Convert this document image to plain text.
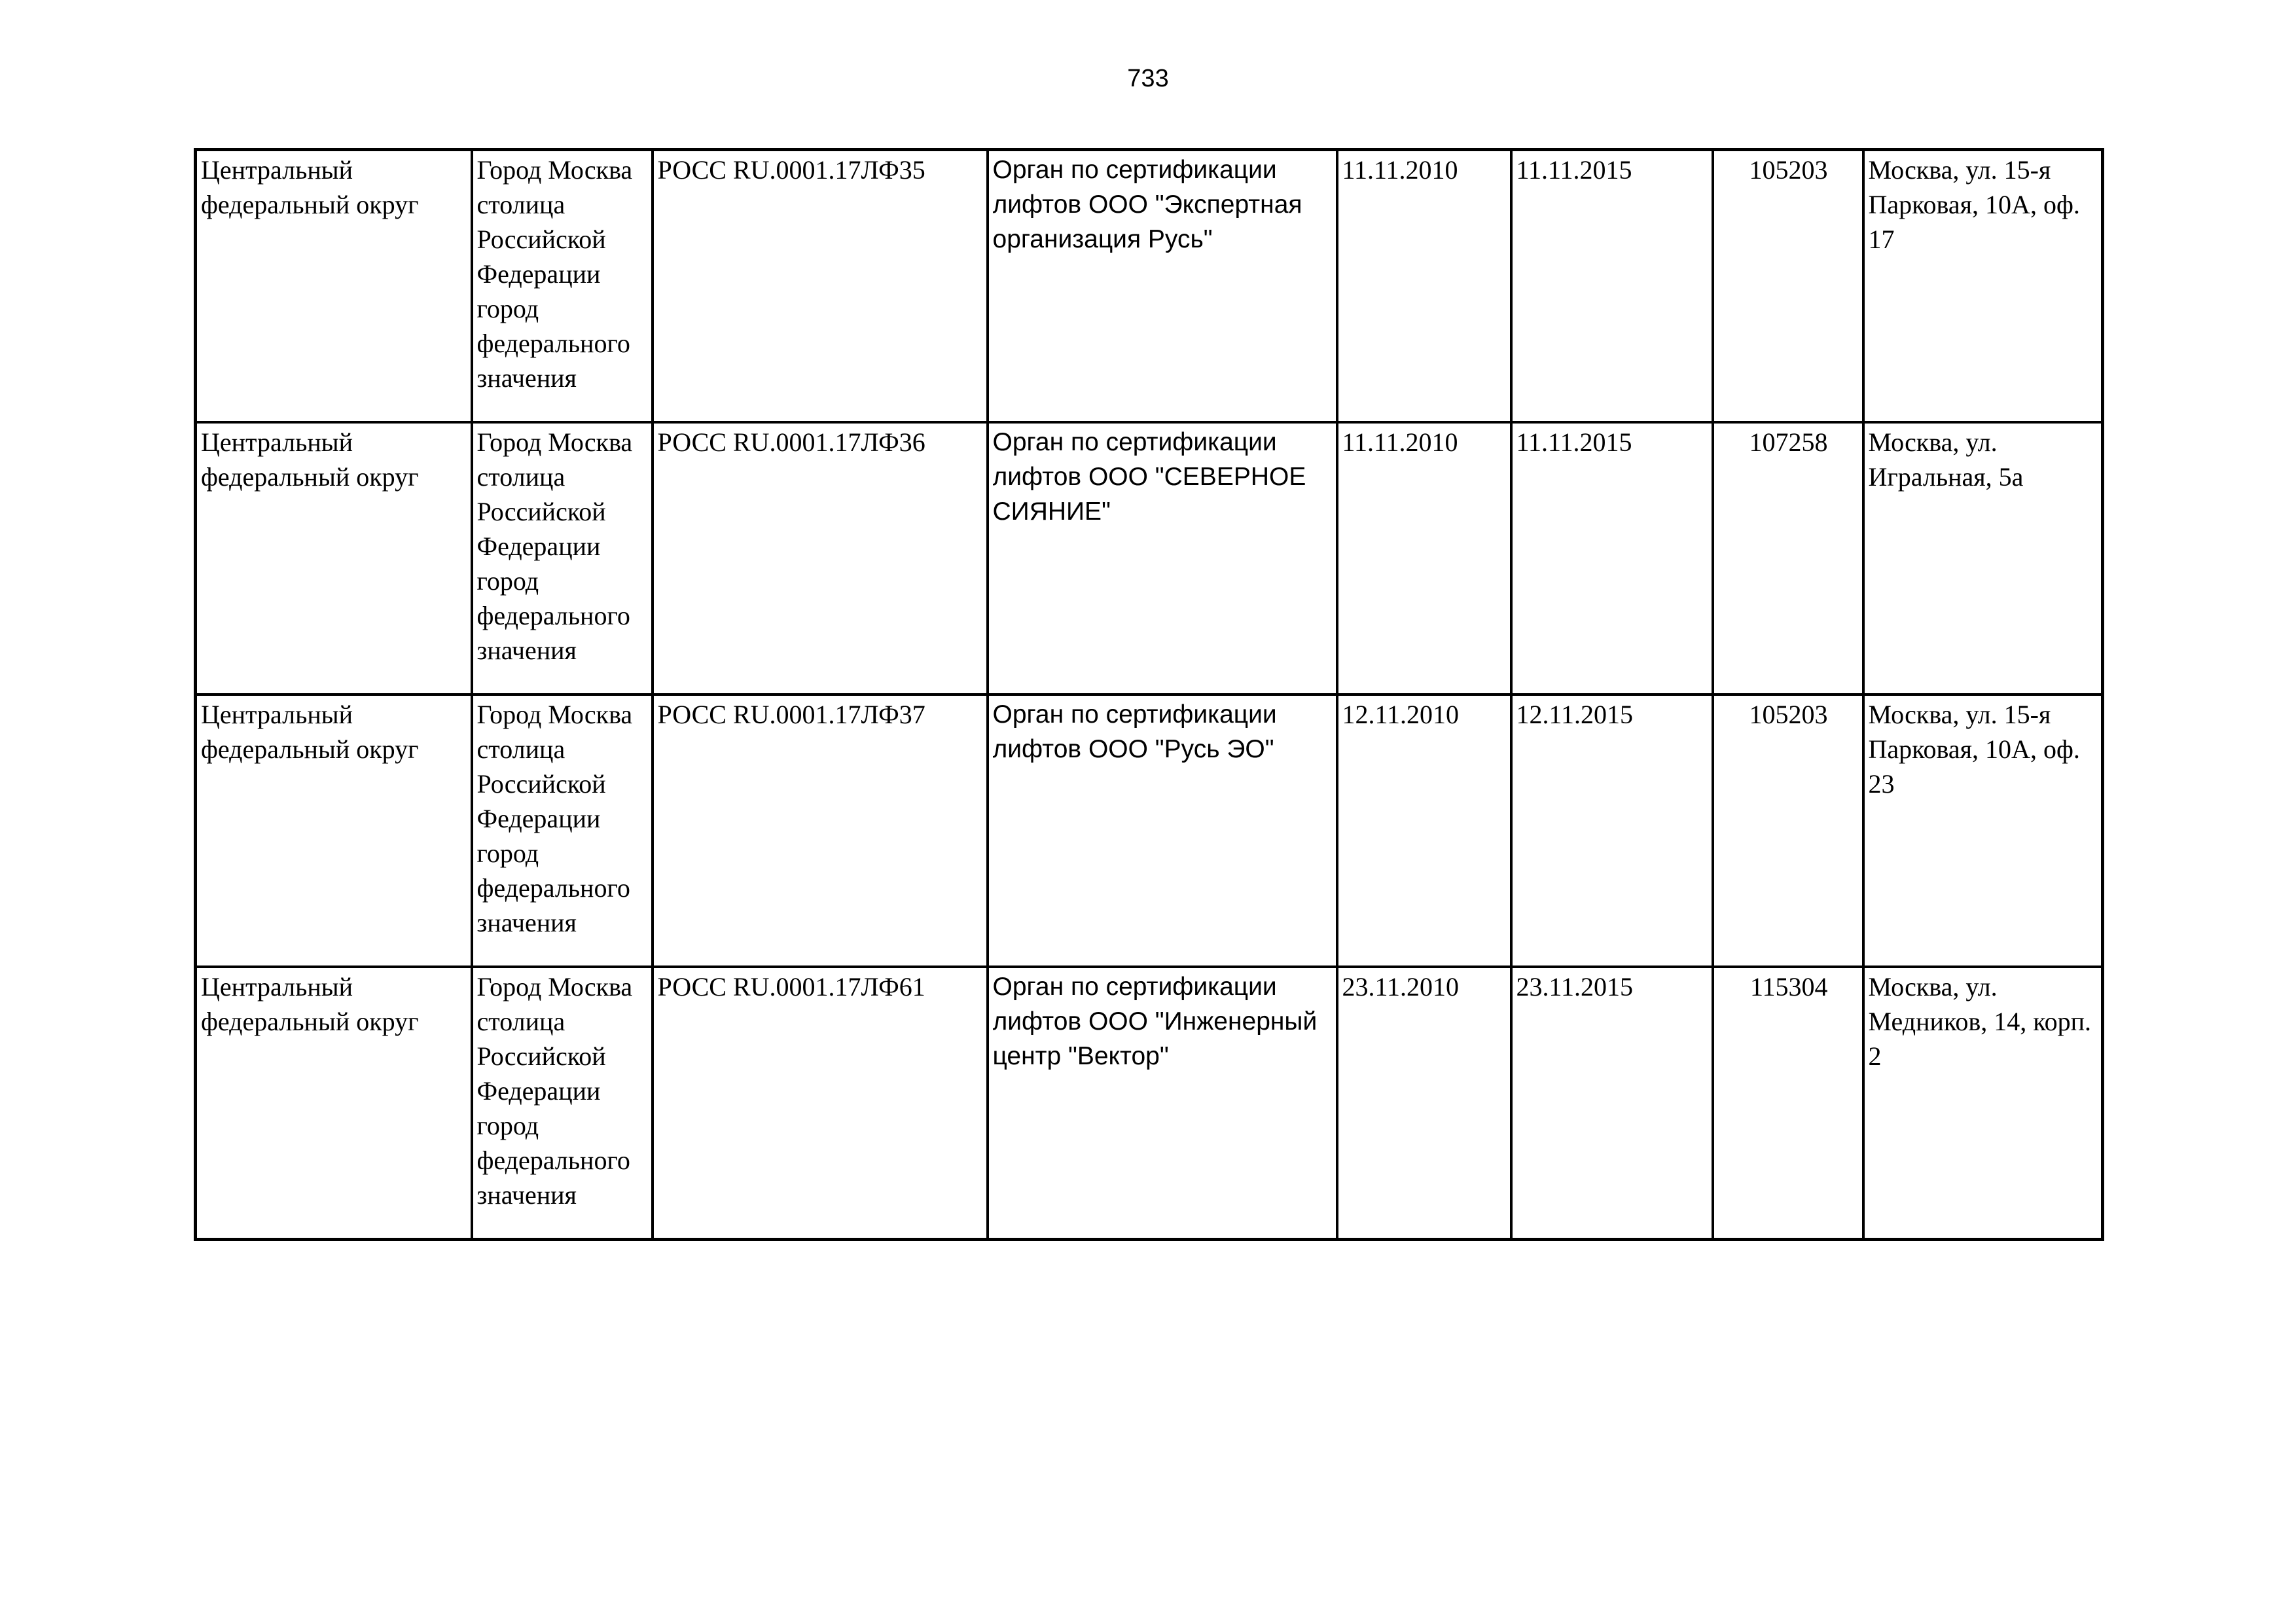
733
Центральный федеральный округ	Город Москва столица Российской Федерации город федерального значения	РОСС RU.0001.17ЛФ35	Орган по сертификации лифтов ООО "Экспертная организация Русь"	11.11.2010	11.11.2015	105203	Москва, ул. 15-я Парковая, 10А, оф. 17

Центральный федеральный округ	Город Москва столица Российской Федерации город федерального значения	РОСС RU.0001.17ЛФ36	Орган по сертификации лифтов ООО "СЕВЕРНОЕ СИЯНИЕ"	11.11.2010	11.11.2015	107258	Москва, ул. Игральная, 5а

Центральный федеральный округ	Город Москва столица Российской Федерации город федерального значения	РОСС RU.0001.17ЛФ37	Орган по сертификации лифтов ООО "Русь ЭО"	12.11.2010	12.11.2015	105203	Москва, ул. 15-я Парковая, 10А, оф. 23

Центральный федеральный округ	Город Москва столица Российской Федерации город федерального значения	РОСС RU.0001.17ЛФ61	Орган по сертификации лифтов ООО "Инженерный центр "Вектор"	23.11.2010	23.11.2015	115304	Москва, ул. Медников, 14, корп. 2
